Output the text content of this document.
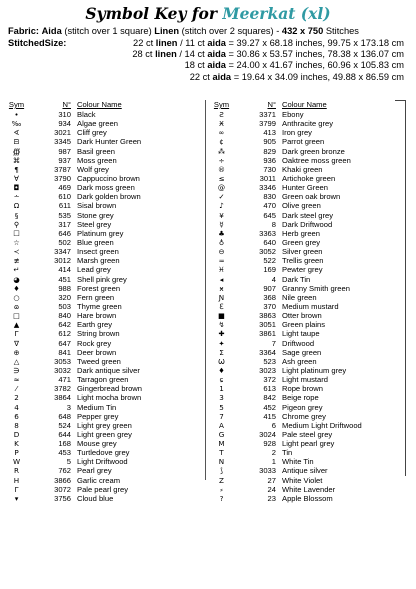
Symbol Key for Meerkat (xl)
Fabric: Aida (stitch over 1 square) Linen (stitch over 2 squares) - 432 x 750 Stitches
StitchedSize:	22 ct linen / 11 ct aida = 39.27 x 68.18 inches, 99.75 x 173.18 cm
28 ct linen / 14 ct aida = 30.86 x 53.57 inches, 78.38 x 136.07 cm
18 ct aida = 24.00 x 41.67 inches, 60.96 x 105.83 cm
22 ct aida = 19.64 x 34.09 inches, 49.88 x 86.59 cm
Sym	N° Colour Name
•	310 Black
‰	934 Algae green
∢	3021 Cliff grey
⊟	3345 Dark Hunter Green
∰	987 Basil green
⌘	937 Moss green
¶	3787 Wolf grey
∀	3790 Cappuccino brown
◘	469 Dark moss green
∸	610 Dark golden brown
Ω	611 Sisal brown
§	535 Stone grey
⚲	317 Steel grey
☐	646 Platinum grey
☆	502 Blue green
≺	3347 Insect green
≢	3012 Marsh green
↵	414 Lead grey
◕	451 Shell pink grey
♦	988 Forest green
○	320 Fern green
ɷ	503 Thyme green
□	840 Hare brown
▲	642 Earth grey
Γ	612 String brown
∇	647 Rock grey
⊕	841 Deer brown
△	3053 Tweed green
∋	3032 Dark antique silver
≈	471 Tarragon green
⁄	3782 Gingerbread brown
2	3864 Light mocha brown
4	3 Medium Tin
6	648 Pepper grey
8	524 Light grey green
D	644 Light green grey
K	168 Mouse grey
P	453 Turtledove grey
W	5 Light Driftwood
R	762 Pearl grey
H	3866 Garlic cream
Γ	3072 Pale pearl grey
▾	3756 Cloud blue
Sym	N° Colour Name
Ƨ	3371 Ebony
Ӿ	3799 Anthracite grey
∞	413 Iron grey
¢	905 Parrot green
⁂	829 Dark green bronze
÷	936 Oaktree moss green
®	730 Khaki green
≤	3011 Artichoke green
@	3346 Hunter Green
✓	830 Green oak brown
♪	470 Olive green
¥	645 Dark steel grey
☿	8 Dark Driftwood
♣	3363 Herb green
♁	640 Green grey
⊖	3052 Silver green
≂	522 Trellis green
♓	169 Pewter grey
◂	4 Dark Tin
ӿ	907 Granny Smith green
Ɲ	368 Nile green
ℇ	370 Medium mustard
■	3863 Otter brown
↯	3051 Green plains
✚	3861 Light taupe
✦	7 Driftwood
Σ	3364 Sage green
Ѡ	523 Ash green
♦	3023 Light platinum grey
ɕ	372 Light mustard
1	613 Rope brown
3	842 Beige rope
5	452 Pigeon grey
7	415 Chrome grey
A	6 Medium Light Driftwood
G	3024 Pale steel grey
M	928 Light pearl grey
T	2 Tin
N	1 White Tin
⟆	3033 Antique silver
Z	27 White Violet
⸗	24 White Lavender
?	23 Apple Blossom
